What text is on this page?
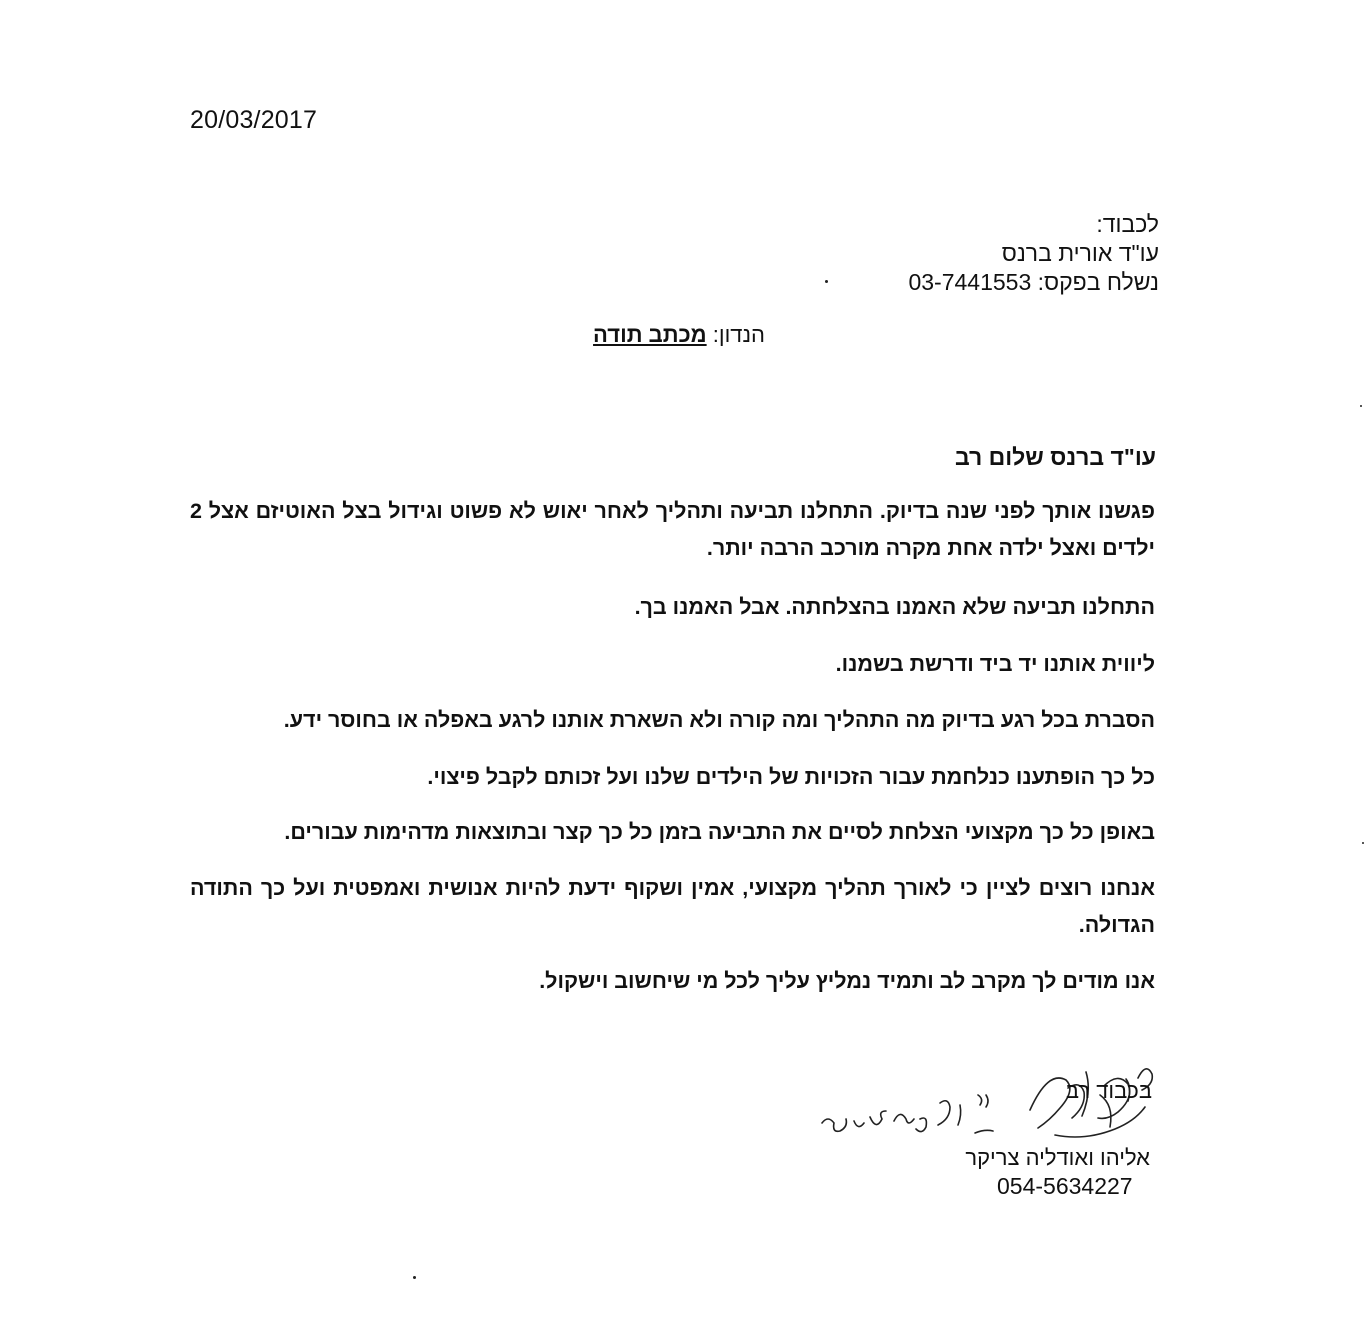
20/03/2017
לכבוד:
עו"ד אורית ברנס
נשלח בפקס: 03-7441553
הנדון: מכתב תודה
עו"ד ברנס שלום רב
פגשנו אותך לפני שנה בדיוק. התחלנו תביעה ותהליך לאחר יאוש לא פשוט וגידול בצל האוטיזם אצל 2 ילדים ואצל ילדה אחת מקרה מורכב הרבה יותר.
התחלנו תביעה שלא האמנו בהצלחתה. אבל האמנו בך.
ליווית אותנו יד ביד ודרשת בשמנו.
הסברת בכל רגע בדיוק מה התהליך ומה קורה ולא השארת אותנו לרגע באפלה או בחוסר ידע.
כל כך הופתענו כנלחמת עבור הזכויות של הילדים שלנו ועל זכותם לקבל פיצוי.
באופן כל כך מקצועי הצלחת לסיים את התביעה בזמן כל כך קצר ובתוצאות מדהימות עבורים.
אנחנו רוצים לציין כי לאורך תהליך מקצועי, אמין ושקוף ידעת להיות אנושית ואמפטית ועל כך התודה הגדולה.
אנו מודים לך מקרב לב ותמיד נמליץ עליך לכל מי שיחשוב וישקול.
בכבוד רב
אליהו ואודליה צריקר
054-5634227
